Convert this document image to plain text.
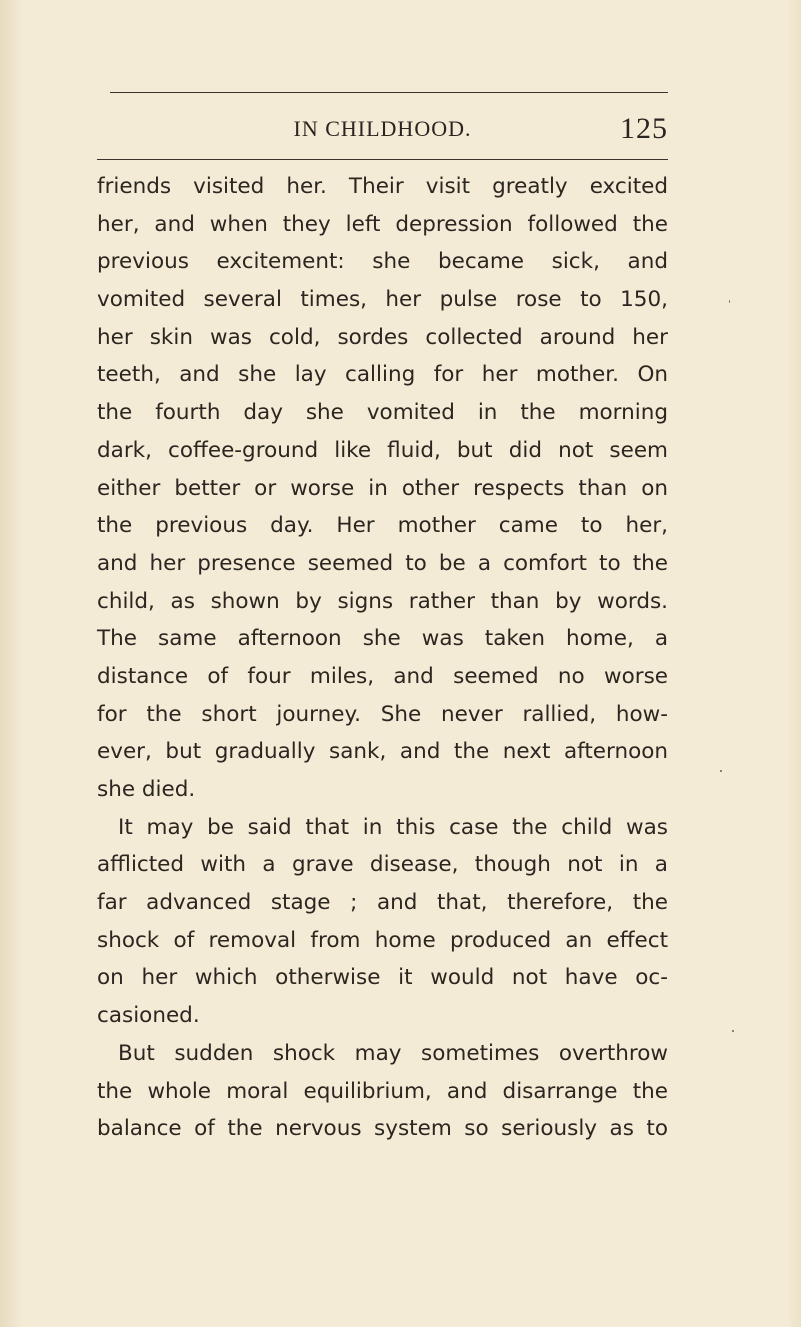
IN CHILDHOOD.	125
friends visited her. Their visit greatly excited
her, and when they left depression followed the
previous excitement: she became sick, and
vomited several times, her pulse rose to 150,
her skin was cold, sordes collected around her
teeth, and she lay calling for her mother. On
the fourth day she vomited in the morning
dark, coffee-ground like fluid, but did not seem
either better or worse in other respects than on
the previous day. Her mother came to her,
and her presence seemed to be a comfort to the
child, as shown by signs rather than by words.
The same afternoon she was taken home, a
distance of four miles, and seemed no worse
for the short journey. She never rallied, how-
ever, but gradually sank, and the next afternoon
she died.
It may be said that in this case the child was
afflicted with a grave disease, though not in a
far advanced stage ; and that, therefore, the
shock of removal from home produced an effect
on her which otherwise it would not have oc-
casioned.
But sudden shock may sometimes overthrow
the whole moral equilibrium, and disarrange the
balance of the nervous system so seriously as to
